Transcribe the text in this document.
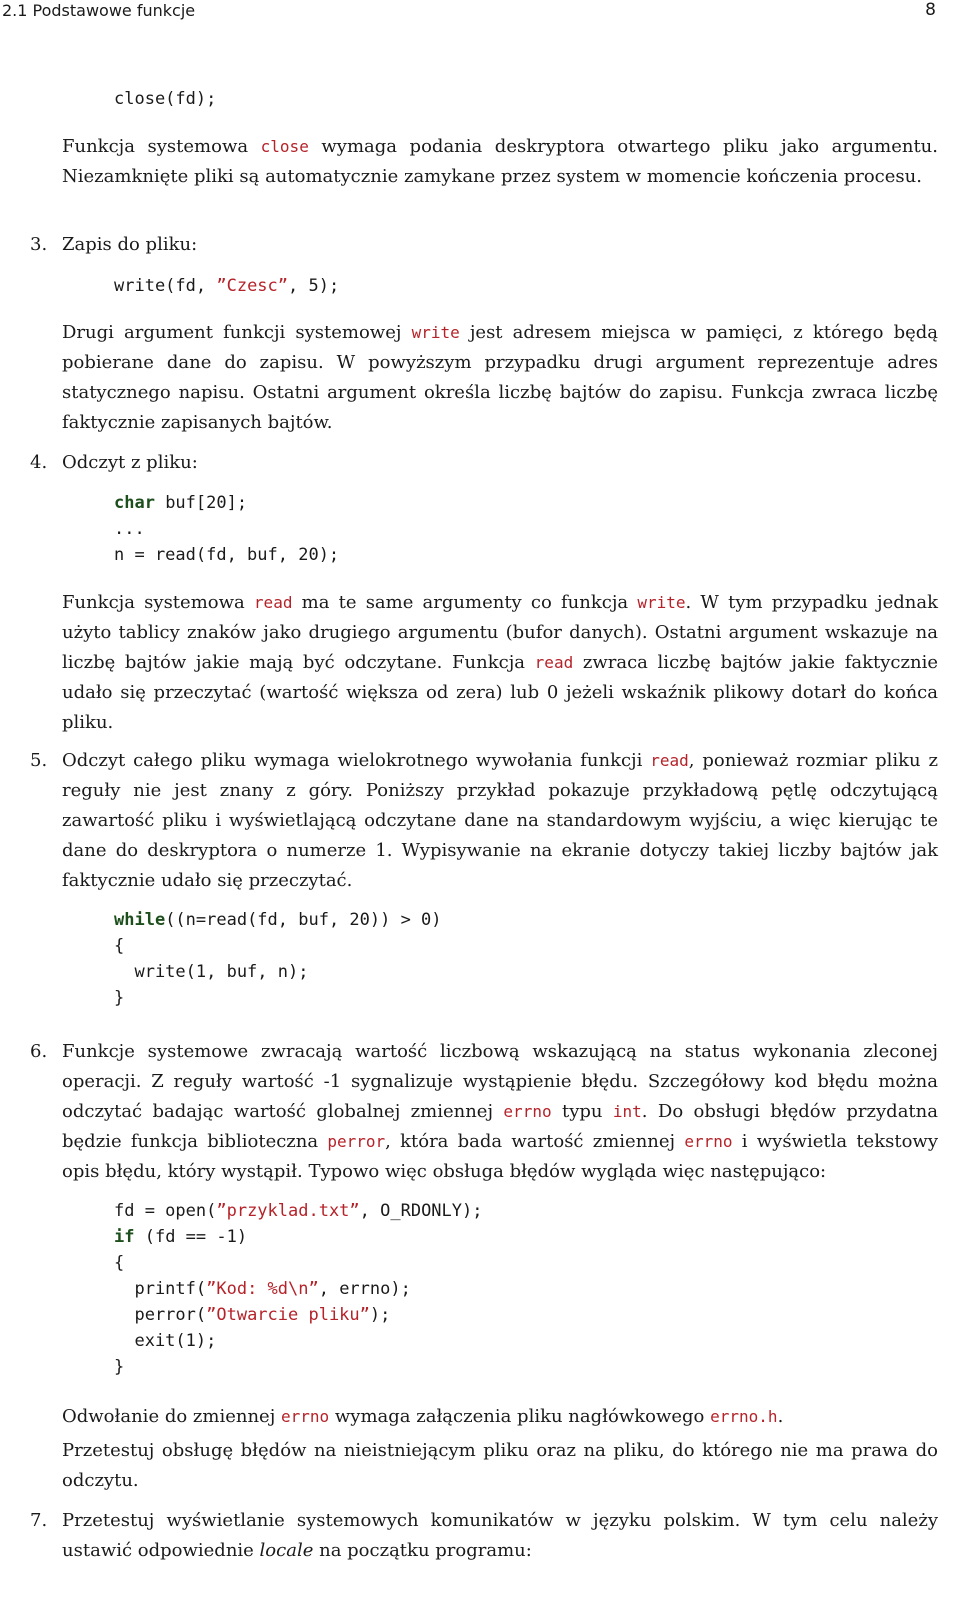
2.1 Podstawowe funkcje	8
close(fd);
Funkcja systemowa close wymaga podania deskryptora otwartego pliku jako argumentu. Niezamknięte pliki są automatycznie zamykane przez system w momencie kończenia procesu.
3. Zapis do pliku:
write(fd, ”Czesc”, 5);
Drugi argument funkcji systemowej write jest adresem miejsca w pamięci, z którego będą pobierane dane do zapisu. W powyższym przypadku drugi argument reprezentuje adres statycznego napisu. Ostatni argument określa liczbę bajtów do zapisu. Funkcja zwraca liczbę faktycznie zapisanych bajtów.
4. Odczyt z pliku:
char buf[20];
...
n = read(fd, buf, 20);
Funkcja systemowa read ma te same argumenty co funkcja write. W tym przypadku jednak użyto tablicy znaków jako drugiego argumentu (bufor danych). Ostatni argument wskazuje na liczbę bajtów jakie mają być odczytane. Funkcja read zwraca liczbę bajtów jakie faktycznie udało się przeczytać (wartość większa od zera) lub 0 jeżeli wskaźnik plikowy dotarł do końca pliku.
5. Odczyt całego pliku wymaga wielokrotnego wywołania funkcji read, ponieważ rozmiar pliku z reguły nie jest znany z góry. Poniższy przykład pokazuje przykładową pętlę odczytującą zawartość pliku i wyświetlającą odczytane dane na standardowym wyjściu, a więc kierując te dane do deskryptora o numerze 1. Wypisywanie na ekranie dotyczy takiej liczby bajtów jak faktycznie udało się przeczytać.
while((n=read(fd, buf, 20)) > 0)
{
write(1, buf, n);
}
6. Funkcje systemowe zwracają wartość liczbową wskazującą na status wykonania zleconej operacji. Z reguły wartość -1 sygnalizuje wystąpienie błędu. Szczegółowy kod błędu można odczytać badając wartość globalnej zmiennej errno typu int. Do obsługi błędów przydatna będzie funkcja biblioteczna perror, która bada wartość zmiennej errno i wyświetla tekstowy opis błędu, który wystąpił. Typowo więc obsługa błędów wygląda więc następująco:
fd = open(”przyklad.txt”, O_RDONLY);
if (fd == -1)
{
printf(”Kod: %d\n”, errno);
perror(”Otwarcie pliku”);
exit(1);
}
Odwołanie do zmiennej errno wymaga załączenia pliku nagłówkowego errno.h.
Przetestuj obsługę błędów na nieistniejącym pliku oraz na pliku, do którego nie ma prawa do odczytu.
7. Przetestuj wyświetlanie systemowych komunikatów w języku polskim. W tym celu należy ustawić odpowiednie locale na początku programu:
